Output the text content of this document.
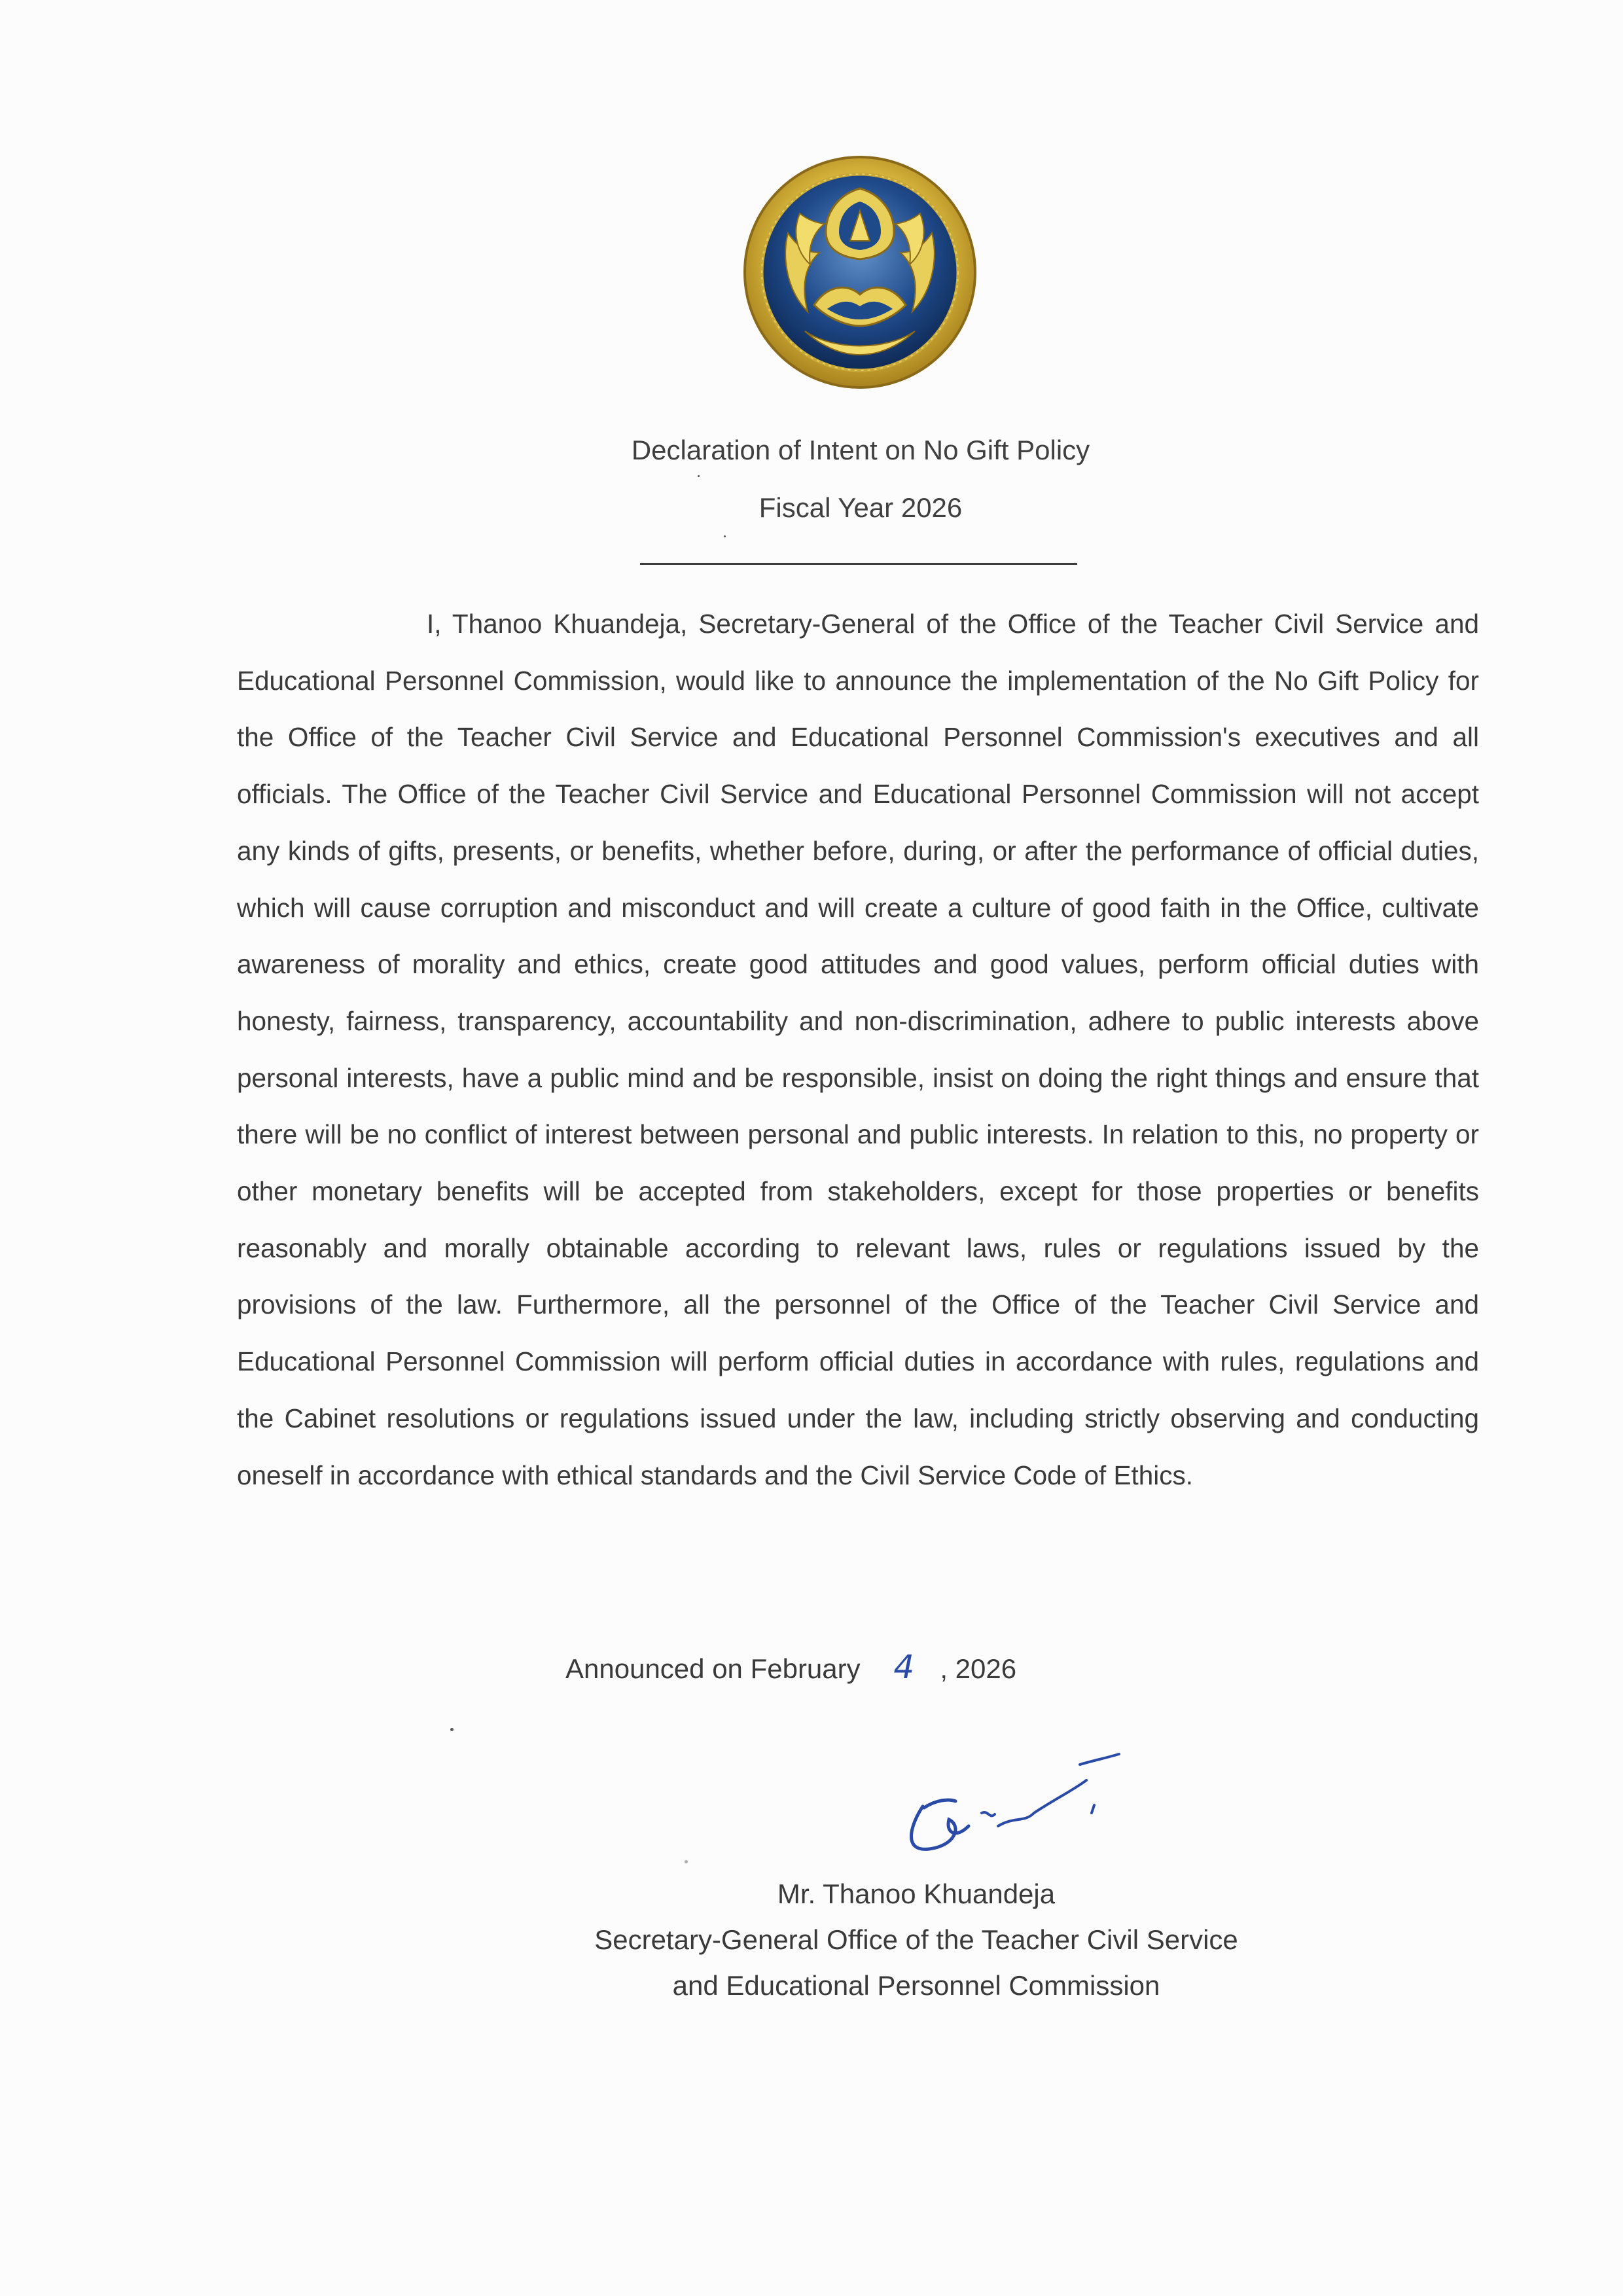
Declaration of Intent on No Gift Policy
Fiscal Year 2026

I, Thanoo Khuandeja, Secretary-General of the Office of the Teacher Civil Service and Educational Personnel Commission, would like to announce the implementation of the No Gift Policy for the Office of the Teacher Civil Service and Educational Personnel Commission's executives and all officials. The Office of the Teacher Civil Service and Educational Personnel Commission will not accept any kinds of gifts, presents, or benefits, whether before, during, or after the performance of official duties, which will cause corruption and misconduct and will create a culture of good faith in the Office, cultivate awareness of morality and ethics, create good attitudes and good values, perform official duties with honesty, fairness, transparency, accountability and non-discrimination, adhere to public interests above personal interests, have a public mind and be responsible, insist on doing the right things and ensure that there will be no conflict of interest between personal and public interests. In relation to this, no property or other monetary benefits will be accepted from stakeholders, except for those properties or benefits reasonably and morally obtainable according to relevant laws, rules or regulations issued by the provisions of the law. Furthermore, all the personnel of the Office of the Teacher Civil Service and Educational Personnel Commission will perform official duties in accordance with rules, regulations and the Cabinet resolutions or regulations issued under the law, including strictly observing and conducting oneself in accordance with ethical standards and the Civil Service Code of Ethics.

Announced on February 4 , 2026
Mr. Thanoo Khuandeja
Secretary-General Office of the Teacher Civil Service
and Educational Personnel Commission
